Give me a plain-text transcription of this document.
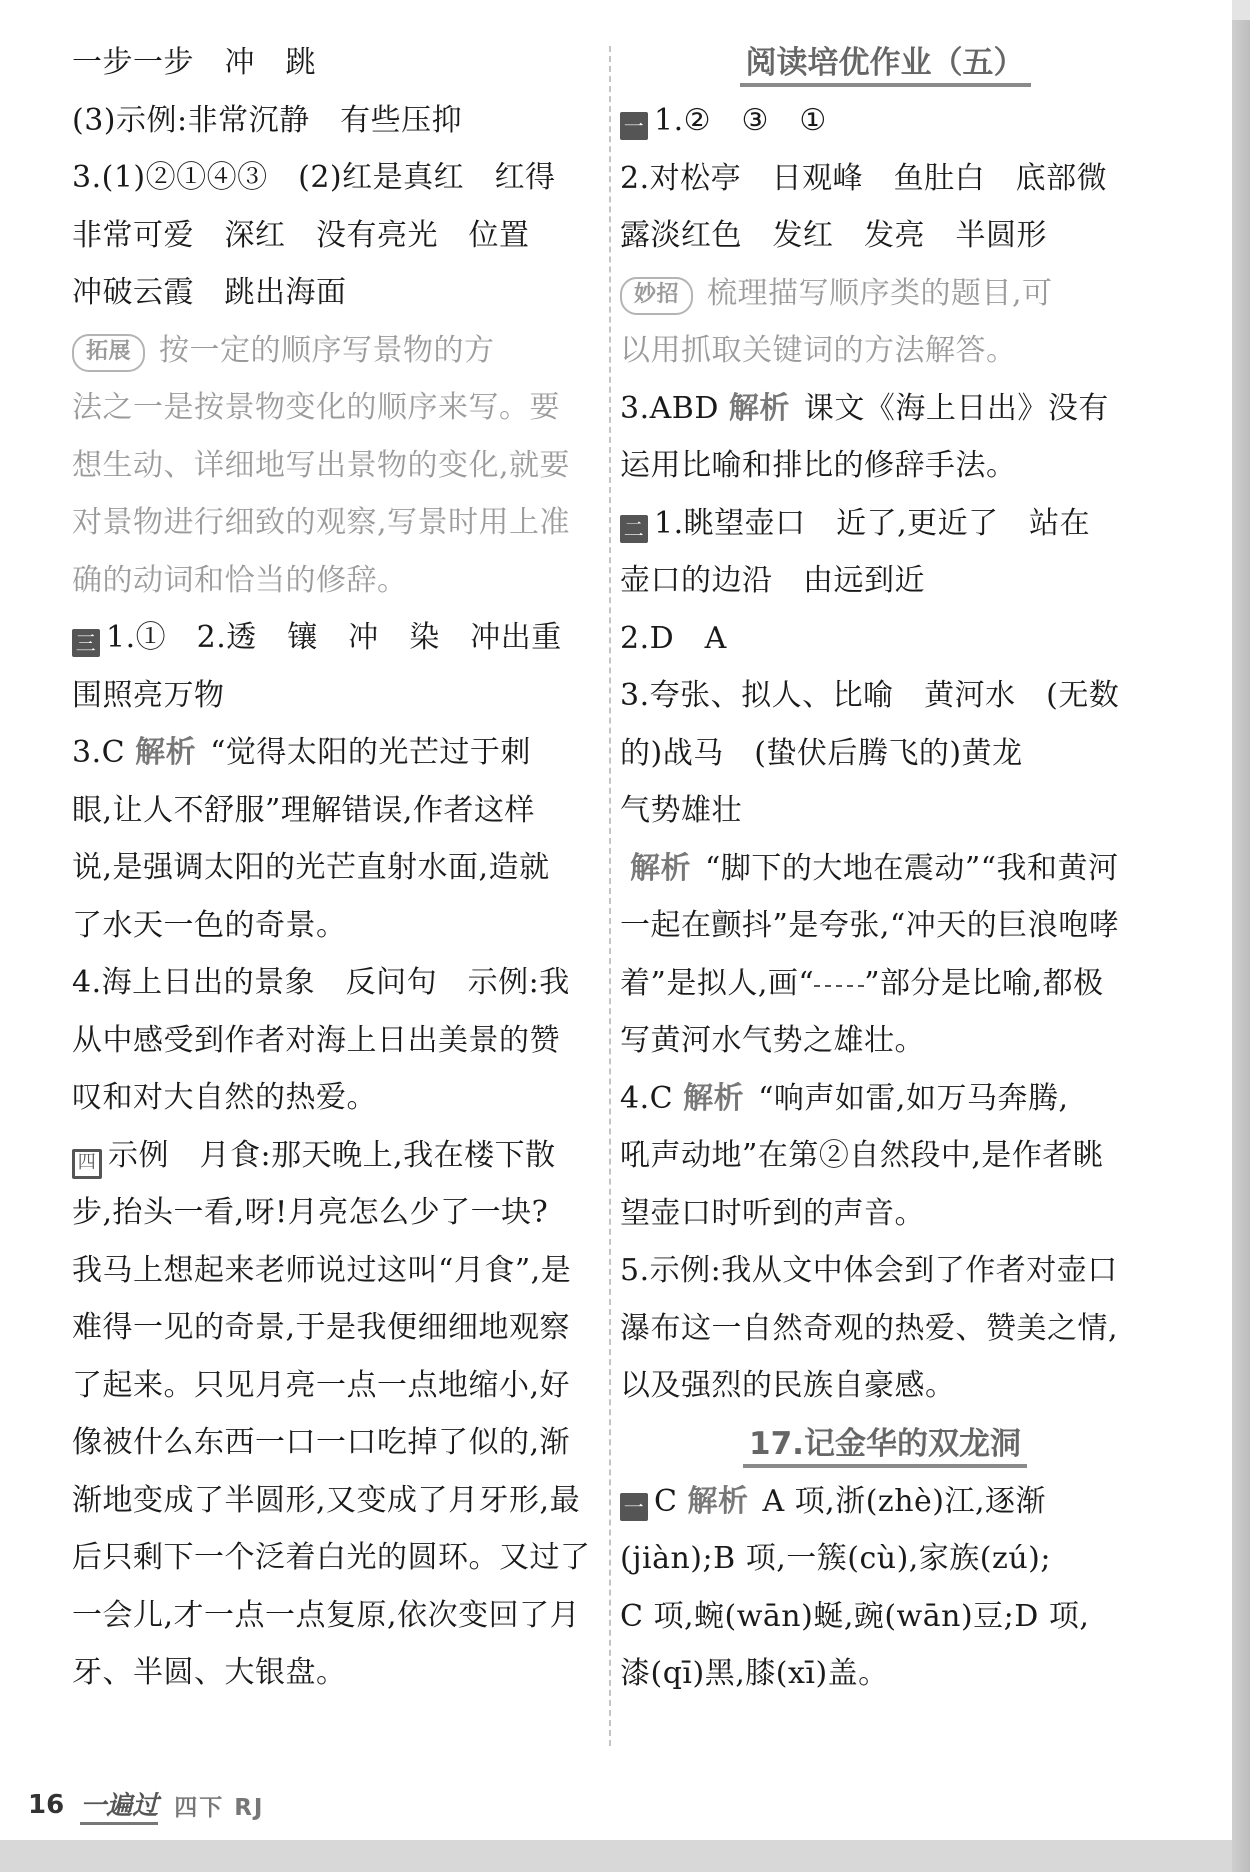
一步一步　冲　跳
(3)示例:非常沉静　有些压抑
3.(1)②①④③　(2)红是真红　红得
非常可爱　深红　没有亮光　位置
冲破云霞　跳出海面
拓展 按一定的顺序写景物的方
法之一是按景物变化的顺序来写。要
想生动、详细地写出景物的变化,就要
对景物进行细致的观察,写景时用上准
确的动词和恰当的修辞。
三 1.①　2.透　镶　冲　染　冲出重
围照亮万物
3.C 解析 “觉得太阳的光芒过于刺
眼,让人不舒服”理解错误,作者这样
说,是强调太阳的光芒直射水面,造就
了水天一色的奇景。
4.海上日出的景象　反问句　示例:我
从中感受到作者对海上日出美景的赞
叹和对大自然的热爱。
四 示例　月食:那天晚上,我在楼下散
步,抬头一看,呀!月亮怎么少了一块?
我马上想起来老师说过这叫“月食”,是
难得一见的奇景,于是我便细细地观察
了起来。只见月亮一点一点地缩小,好
像被什么东西一口一口吃掉了似的,渐
渐地变成了半圆形,又变成了月牙形,最
后只剩下一个泛着白光的圆环。又过了
一会儿,才一点一点复原,依次变回了月
牙、半圆、大银盘。
阅读培优作业（五）
一 1.②　③　①
2.对松亭　日观峰　鱼肚白　底部微
露淡红色　发红　发亮　半圆形
妙招 梳理描写顺序类的题目,可
以用抓取关键词的方法解答。
3.ABD 解析 课文《海上日出》没有
运用比喻和排比的修辞手法。
二 1.眺望壶口　近了,更近了　站在
壶口的边沿　由远到近
2.D　A
3.夸张、拟人、比喻　黄河水　(无数
的)战马　(蛰伏后腾飞的)黄龙
气势雄壮
解析 “脚下的大地在震动”“我和黄河
一起在颤抖”是夸张,“冲天的巨浪咆哮
着”是拟人,画“ ”部分是比喻,都极
写黄河水气势之雄壮。
4.C 解析 “响声如雷,如万马奔腾,
吼声动地”在第②自然段中,是作者眺
望壶口时听到的声音。
5.示例:我从文中体会到了作者对壶口
瀑布这一自然奇观的热爱、赞美之情,
以及强烈的民族自豪感。
17.记金华的双龙洞
一 C 解析 A 项,浙(zhè)江,逐渐
(jiàn);B 项,一簇(cù),家族(zú);
C 项,蜿(wān)蜒,豌(wān)豆;D 项,
漆(qī)黑,膝(xī)盖。
16 一遍过 四下 RJ
